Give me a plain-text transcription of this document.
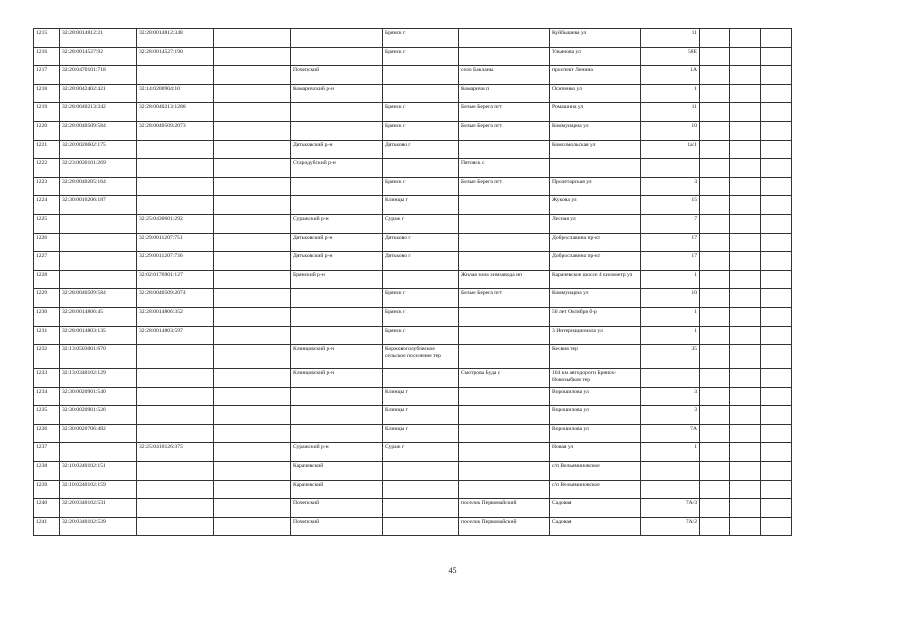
1215	32:28:0014812:21	32:28:0014812:348			Брянск г		Куйбышева ул	11			
1216	32:28:0014527:92	32:28:0014527:190			Брянск г		Ульянова ул	58Е			
1217	32:20:0470101:718			Почепский		село Бакланы	проспект Ленина	1А			
1218	32:28:0042402:421	32:14:0200904:10		Комаричский р-н		Комаричи п	Осипенко ул	1			
1219	32:28:0040213:342	32:28:0040213:1288			Брянск г	Белые Берега пгт	Ромашина ул	11			
1220	32:28:0040509:584	32:28:0040509:2073			Брянск г	Белые Берега пгт	Коммунарна ул	10			
1221	32:20:0020602:175			Дятьковский р-н	Дятьково г		Комсомольская ул	1а/1			
1222	32:23:0030101:269			Стародубский р-н		Пятовск с					
1223	32:28:0040205:164				Брянск г	Белые Берега пгт	Пролетарская ул	3			
1224	32:30:0010206:187				Клинцы г		Жукова ул	15			
1225		32:25:0430601:292		Суражский р-н	Сураж г		Лесная ул	7			
1226		32:29:0011207:751		Дятьковский р-н	Дятьково г		Доброславина пр-кт	17			
1227		32:29:0011207:736		Дятьковский р-н	Дятьково г		Доброславина пр-кт	17			
1228		32:02:0176901:127		Брянский р-н		Жилая зона химзавода нп	Карачевское шоссе 4 километр ул	1			
1229	32:28:0040509:584	32:28:0040509:2074			Брянск г	Белые Берега пгт	Коммунарна ул	10			
1230	32:28:0014806:45	32:28:0014806:352			Брянск г		50 лет Октября б-р	1			
1231	32:28:0014803:135	32:28:0014803:597			Брянск г		3 Интернационала ул	1			
1232	32:13:0503001:670			Клинцовский р-н	Коржовоголубовское сельское поселение тер		Кесвия тер	35			
1233	32:13:0340102:129			Клинцовский р-н		Смотрова Буда с	164 км автодороги Брянск-Новозыбков тер				
1234	32:30:0020901:540				Клинцы г		Ворошилова ул	3			
1235	32:30:0020901:526				Клинцы г		Ворошилова ул	3			
1236	32:30:0020706:482				Клинцы г		Ворошилова ул	7А			
1237		32:25:0410126:375		Суражский р-н	Сураж г		Новая ул	1			
1238	32:10:0240102:151			Карачевский			с/п Вельяминовское				
1239	32:10:0240102:159			Карачевский			с/п Вельяминовское				
1240	32:20:0340102:531			Почепский		поселок Первомайский	Садовая	7А/3			
1241	32:20:0340102:539			Почепский		поселок Первомайский	Садовая	7А/2			
45
